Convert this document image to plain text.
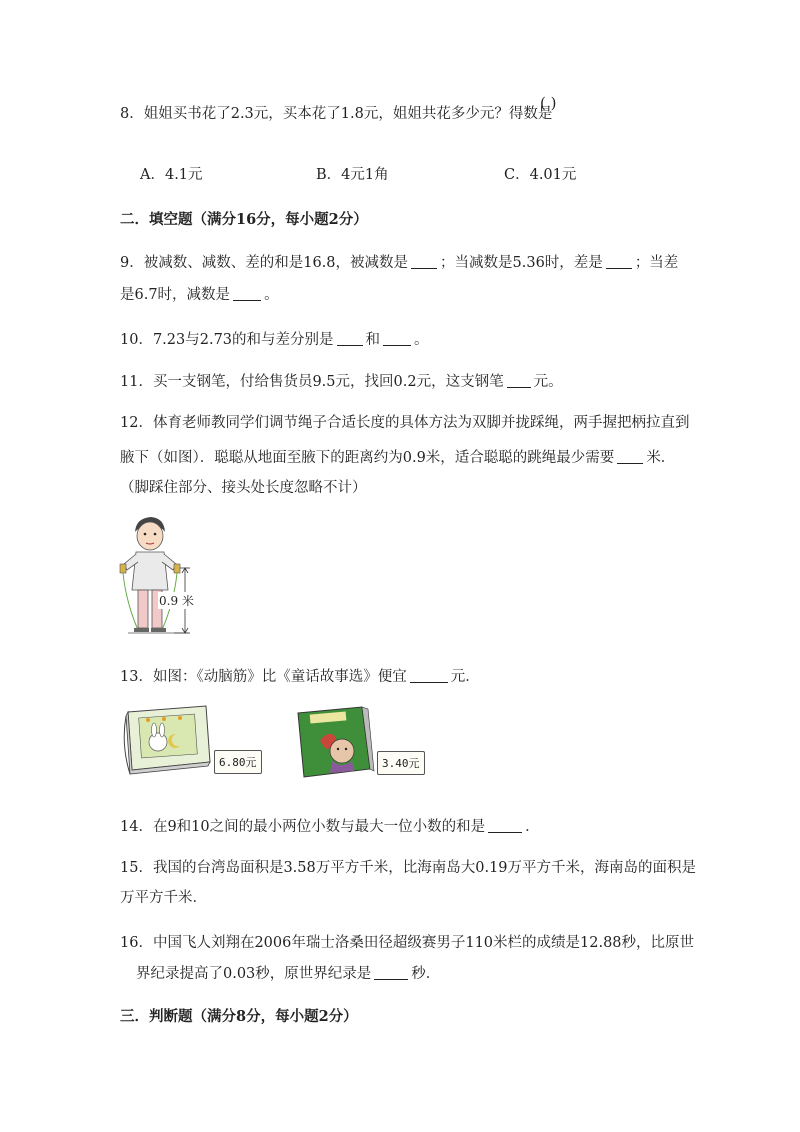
8．姐姐买书花了2.3元，买本花了1.8元，姐姐共花多少元？得数是
( )
A．4.1元	B．4元1角	C．4.01元
二．填空题（满分16分，每小题2分）
9．被减数、减数、差的和是16.8，被减数是 ；当减数是5.36时，差是 ；当差
是6.7时，减数是 。
10．7.23与2.73的和与差分别是 和 。
11．买一支钢笔，付给售货员9.5元，找回0.2元，这支钢笔 元。
12．体育老师教同学们调节绳子合适长度的具体方法为双脚并拢踩绳，两手握把柄拉直到
腋下（如图）．聪聪从地面至腋下的距离约为0.9米，适合聪聪的跳绳最少需要 米．
（脚踩住部分、接头处长度忽略不计）
0.9 米
13．如图：《动脑筋》比《童话故事选》便宜	元．
6.80元	3.40元
14．在9和10之间的最小两位小数与最大一位小数的和是	．
15．我国的台湾岛面积是3.58万平方千米，比海南岛大0.19万平方千米，海南岛的面积是
万平方千米．
16．中国飞人刘翔在2006年瑞士洛桑田径超级赛男子110米栏的成绩是12.88秒，比原世
界纪录提高了0.03秒，原世界纪录是	秒．
三．判断题（满分8分，每小题2分）
